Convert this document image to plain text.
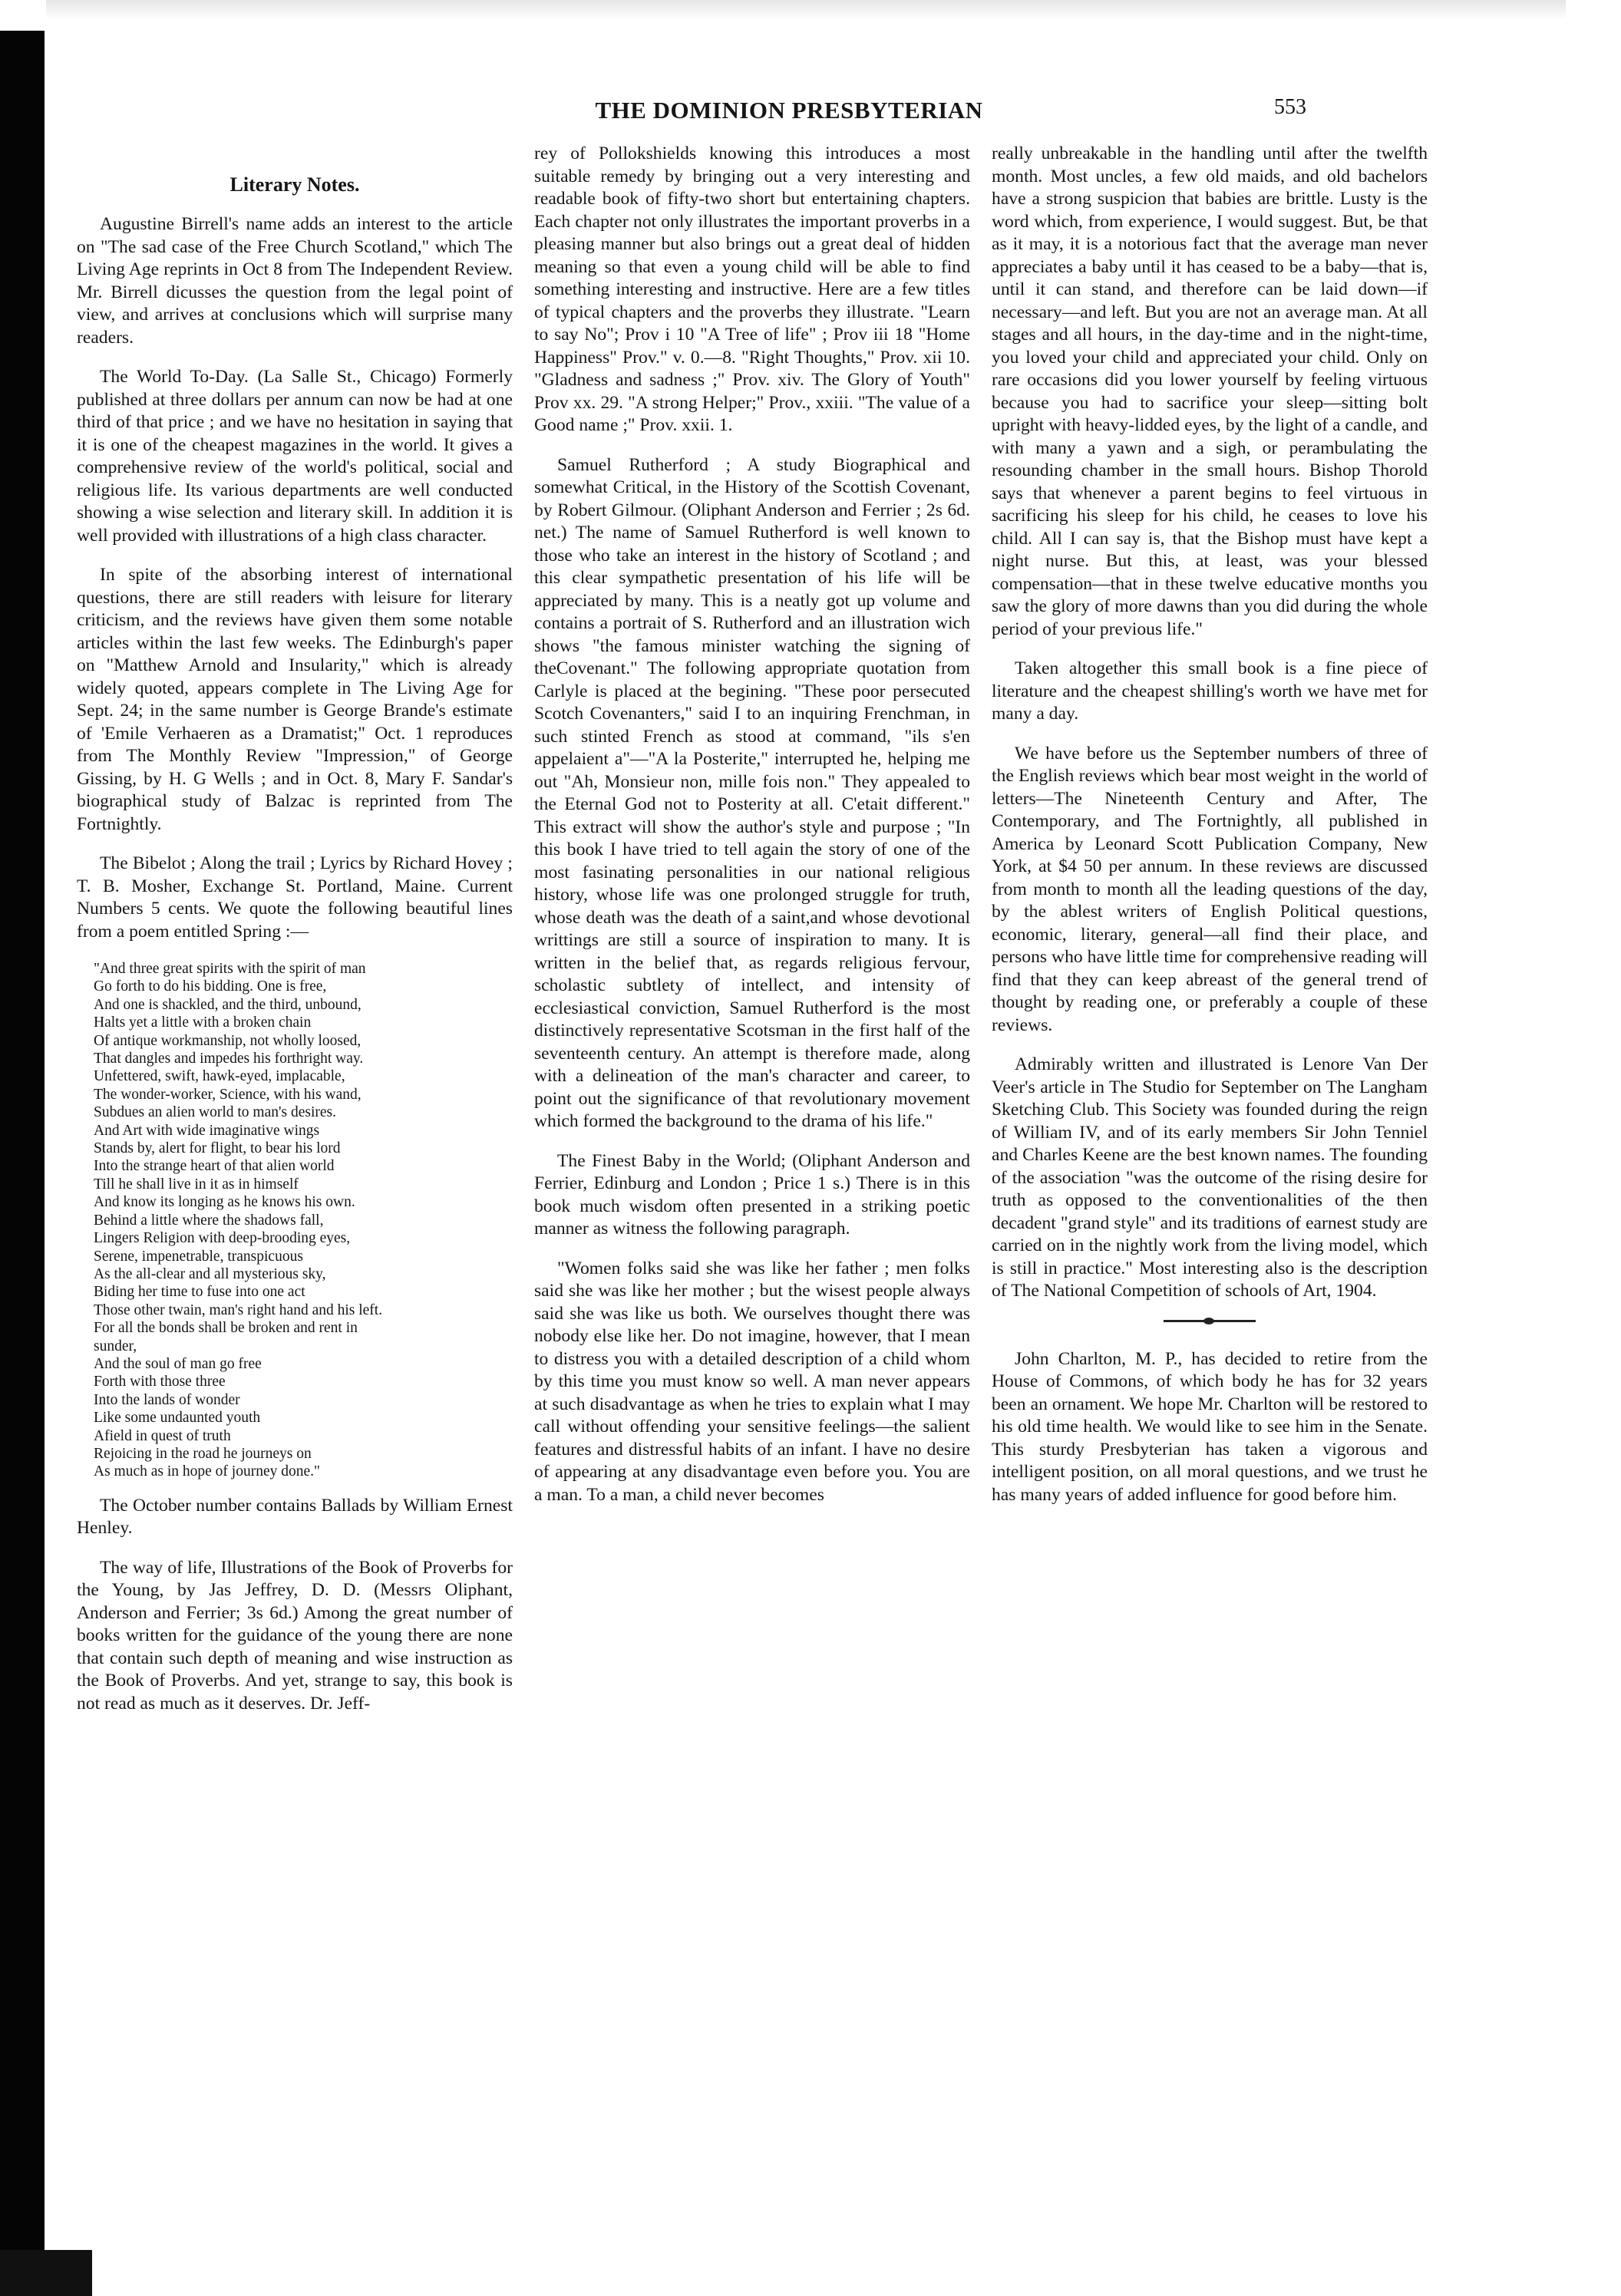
THE DOMINION PRESBYTERIAN	553
Literary Notes.

Augustine Birrell's name adds an interest to the article on "The sad case of the Free Church Scotland," which The Living Age reprints in Oct 8 from The Independent Review. Mr. Birrell dicusses the question from the legal point of view, and arrives at conclusions which will surprise many readers.

The World To-Day. (La Salle St., Chicago) Formerly published at three dollars per annum can now be had at one third of that price ; and we have no hesitation in saying that it is one of the cheapest magazines in the world. It gives a comprehensive review of the world's political, social and religious life. Its various departments are well conducted showing a wise selection and literary skill. In addition it is well provided with illustrations of a high class character.

In spite of the absorbing interest of international questions, there are still readers with leisure for literary criticism, and the reviews have given them some notable articles within the last few weeks. The Edinburgh's paper on "Matthew Arnold and Insularity," which is already widely quoted, appears complete in The Living Age for Sept. 24; in the same number is George Brande's estimate of 'Emile Verhaeren as a Dramatist;" Oct. 1 reproduces from The Monthly Review "Impression," of George Gissing, by H. G Wells ; and in Oct. 8, Mary F. Sandar's biographical study of Balzac is reprinted from The Fortnightly.

The Bibelot ; Along the trail ; Lyrics by Richard Hovey ; T. B. Mosher, Exchange St. Portland, Maine. Current Numbers 5 cents. We quote the following beautiful lines from a poem entitled Spring :—

"And three great spirits with the spirit of man
Go forth to do his bidding. One is free,
And one is shackled, and the third, unbound,
Halts yet a little with a broken chain
Of antique workmanship, not wholly loosed,
That dangles and impedes his forthright way.
Unfettered, swift, hawk-eyed, implacable,
The wonder-worker, Science, with his wand,
Subdues an alien world to man's desires.
And Art with wide imaginative wings
Stands by, alert for flight, to bear his lord
Into the strange heart of that alien world
Till he shall live in it as in himself
And know its longing as he knows his own.
Behind a little where the shadows fall,
Lingers Religion with deep-brooding eyes,
Serene, impenetrable, transpicuous
As the all-clear and all mysterious sky,
Biding her time to fuse into one act
Those other twain, man's right hand and his left.
For all the bonds shall be broken and rent in
sunder,
And the soul of man go free
Forth with those three
Into the lands of wonder
Like some undaunted youth
Afield in quest of truth
Rejoicing in the road he journeys on
As much as in hope of journey done."

The October number contains Ballads by William Ernest Henley.

The way of life, Illustrations of the Book of Proverbs for the Young, by Jas Jeffrey, D. D. (Messrs Oliphant, Anderson and Ferrier; 3s 6d.) Among the great number of books written for the guidance of the young there are none that contain such depth of meaning and wise instruction as the Book of Proverbs. And yet, strange to say, this book is not read as much as it deserves. Dr. Jeff-

rey of Pollokshields knowing this introduces a most suitable remedy by bringing out a very interesting and readable book of fifty-two short but entertaining chapters. Each chapter not only illustrates the important proverbs in a pleasing manner but also brings out a great deal of hidden meaning so that even a young child will be able to find something interesting and instructive. Here are a few titles of typical chapters and the proverbs they illustrate. "Learn to say No"; Prov i 10 "A Tree of life" ; Prov iii 18 "Home Happiness" Prov." v. 0.—8. "Right Thoughts," Prov. xii 10. "Gladness and sadness ;" Prov. xiv. The Glory of Youth" Prov xx. 29. "A strong Helper;" Prov., xxiii. "The value of a Good name ;" Prov. xxii. 1.

Samuel Rutherford ; A study Biographical and somewhat Critical, in the History of the Scottish Covenant, by Robert Gilmour. (Oliphant Anderson and Ferrier ; 2s 6d. net.) The name of Samuel Rutherford is well known to those who take an interest in the history of Scotland ; and this clear sympathetic presentation of his life will be appreciated by many. This is a neatly got up volume and contains a portrait of S. Rutherford and an illustration wich shows "the famous minister watching the signing of theCovenant." The following appropriate quotation from Carlyle is placed at the begining. "These poor persecuted Scotch Covenanters," said I to an inquiring Frenchman, in such stinted French as stood at command, "ils s'en appelaient a"—"A la Posterite," interrupted he, helping me out "Ah, Monsieur non, mille fois non." They appealed to the Eternal God not to Posterity at all. C'etait different." This extract will show the author's style and purpose ; "In this book I have tried to tell again the story of one of the most fasinating personalities in our national religious history, whose life was one prolonged struggle for truth, whose death was the death of a saint,and whose devotional writtings are still a source of inspiration to many. It is written in the belief that, as regards religious fervour, scholastic subtlety of intellect, and intensity of ecclesiastical conviction, Samuel Rutherford is the most distinctively representative Scotsman in the first half of the seventeenth century. An attempt is therefore made, along with a delineation of the man's character and career, to point out the significance of that revolutionary movement which formed the background to the drama of his life."

The Finest Baby in the World; (Oliphant Anderson and Ferrier, Edinburg and London ; Price 1 s.) There is in this book much wisdom often presented in a striking poetic manner as witness the following paragraph.

"Women folks said she was like her father ; men folks said she was like her mother ; but the wisest people always said she was like us both. We ourselves thought there was nobody else like her. Do not imagine, however, that I mean to distress you with a detailed description of a child whom by this time you must know so well. A man never appears at such disadvantage as when he tries to explain what I may call without offending your sensitive feelings—the salient features and distressful habits of an infant. I have no desire of appearing at any disadvantage even before you. You are a man. To a man, a child never becomes

really unbreakable in the handling until after the twelfth month. Most uncles, a few old maids, and old bachelors have a strong suspicion that babies are brittle. Lusty is the word which, from experience, I would suggest. But, be that as it may, it is a notorious fact that the average man never appreciates a baby until it has ceased to be a baby—that is, until it can stand, and therefore can be laid down—if necessary—and left. But you are not an average man. At all stages and all hours, in the day-time and in the night-time, you loved your child and appreciated your child. Only on rare occasions did you lower yourself by feeling virtuous because you had to sacrifice your sleep—sitting bolt upright with heavy-lidded eyes, by the light of a candle, and with many a yawn and a sigh, or perambulating the resounding chamber in the small hours. Bishop Thorold says that whenever a parent begins to feel virtuous in sacrificing his sleep for his child, he ceases to love his child. All I can say is, that the Bishop must have kept a night nurse. But this, at least, was your blessed compensation—that in these twelve educative months you saw the glory of more dawns than you did during the whole period of your previous life."

Taken altogether this small book is a fine piece of literature and the cheapest shilling's worth we have met for many a day.

We have before us the September numbers of three of the English reviews which bear most weight in the world of letters—The Nineteenth Century and After, The Contemporary, and The Fortnightly, all published in America by Leonard Scott Publication Company, New York, at $4 50 per annum. In these reviews are discussed from month to month all the leading questions of the day, by the ablest writers of English Political questions, economic, literary, general—all find their place, and persons who have little time for comprehensive reading will find that they can keep abreast of the general trend of thought by reading one, or preferably a couple of these reviews.

Admirably written and illustrated is Lenore Van Der Veer's article in The Studio for September on The Langham Sketching Club. This Society was founded during the reign of William IV, and of its early members Sir John Tenniel and Charles Keene are the best known names. The founding of the association "was the outcome of the rising desire for truth as opposed to the conventionalities of the then decadent "grand style" and its traditions of earnest study are carried on in the nightly work from the living model, which is still in practice." Most interesting also is the description of The National Competition of schools of Art, 1904.

John Charlton, M. P., has decided to retire from the House of Commons, of which body he has for 32 years been an ornament. We hope Mr. Charlton will be restored to his old time health. We would like to see him in the Senate. This sturdy Presbyterian has taken a vigorous and intelligent position, on all moral questions, and we trust he has many years of added influence for good before him.
